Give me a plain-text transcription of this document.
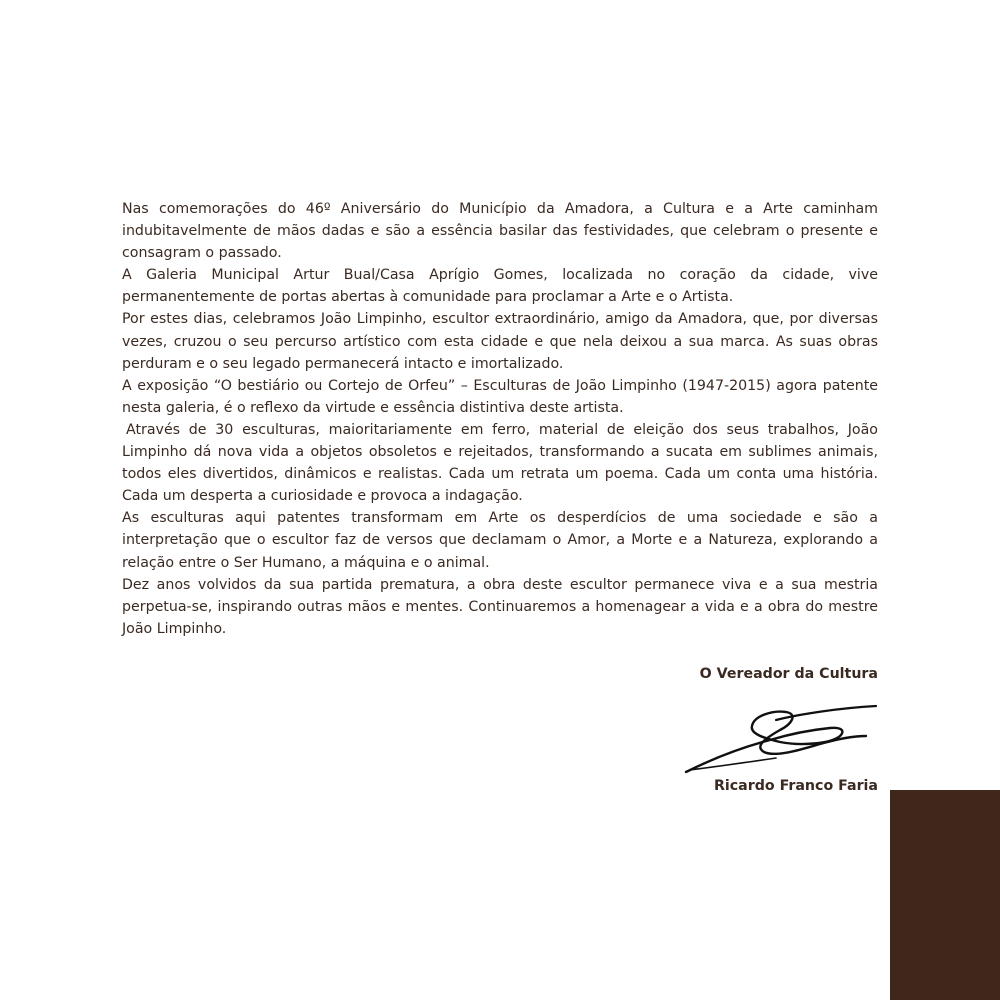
Nas comemorações do 46º Aniversário do Município da Amadora, a Cultura e a Arte caminham indubitavelmente de mãos dadas e são a essência basilar das festividades, que celebram o presente e consagram o passado.

A Galeria Municipal Artur Bual/Casa Aprígio Gomes, localizada no coração da cidade, vive permanentemente de portas abertas à comunidade para proclamar a Arte e o Artista.

Por estes dias, celebramos João Limpinho, escultor extraordinário, amigo da Amadora, que, por diversas vezes, cruzou o seu percurso artístico com esta cidade e que nela deixou a sua marca. As suas obras perduram e o seu legado permanecerá intacto e imortalizado.

A exposição “O bestiário ou Cortejo de Orfeu” – Esculturas de João Limpinho (1947-2015) agora patente nesta galeria, é o reflexo da virtude e essência distintiva deste artista.

Através de 30 esculturas, maioritariamente em ferro, material de eleição dos seus trabalhos, João Limpinho dá nova vida a objetos obsoletos e rejeitados, transformando a sucata em sublimes animais, todos eles divertidos, dinâmicos e realistas. Cada um retrata um poema. Cada um conta uma história. Cada um desperta a curiosidade e provoca a indagação.

As esculturas aqui patentes transformam em Arte os desperdícios de uma sociedade e são a interpretação que o escultor faz de versos que declamam o Amor, a Morte e a Natureza, explorando a relação entre o Ser Humano, a máquina e o animal.

Dez anos volvidos da sua partida prematura, a obra deste escultor permanece viva e a sua mestria perpetua-se, inspirando outras mãos e mentes. Continuaremos a homenagear a vida e a obra do mestre João Limpinho.

O Vereador da Cultura
Ricardo Franco Faria
